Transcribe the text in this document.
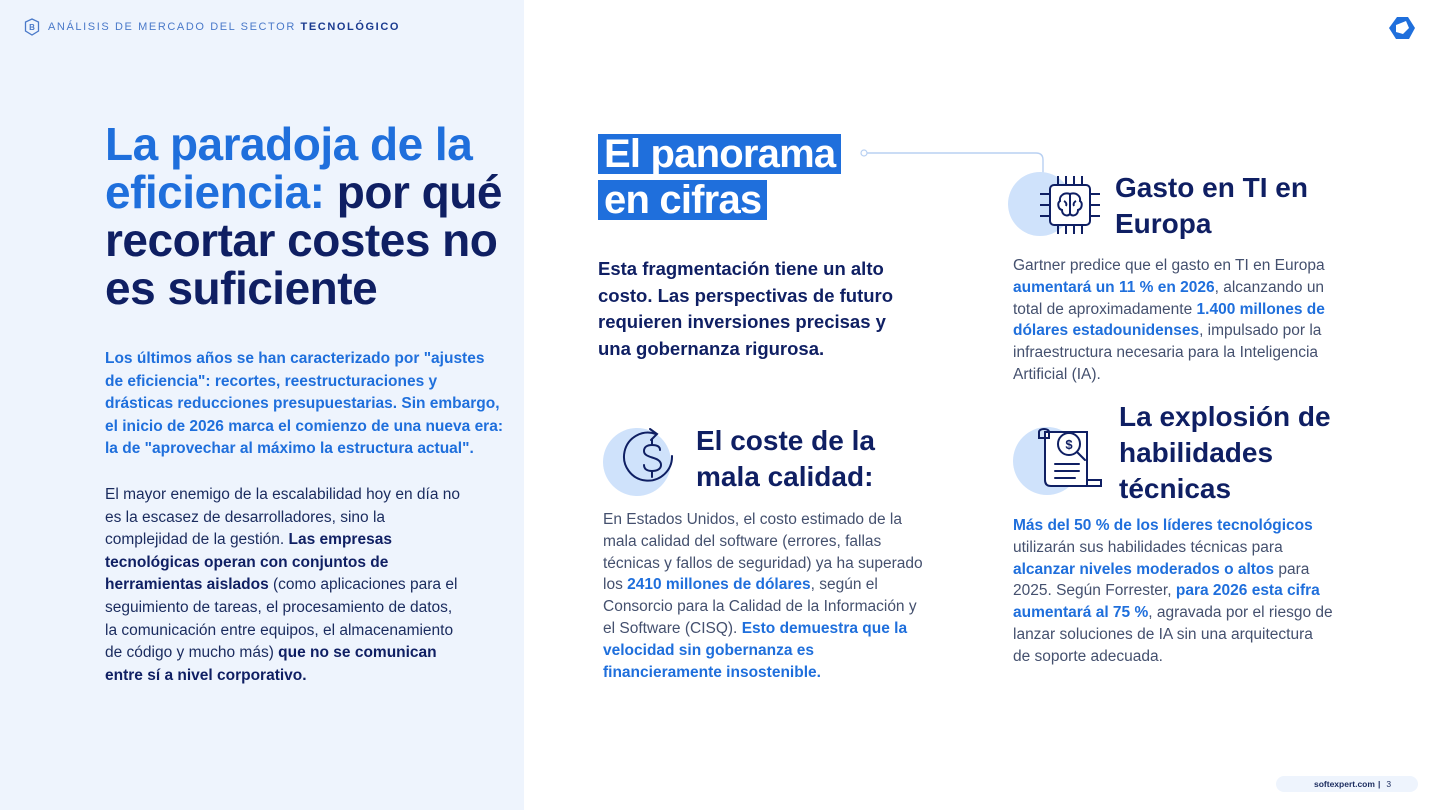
B ANÁLISIS DE MERCADO DEL SECTOR TECNOLÓGICO
La paradoja de la eficiencia: por qué recortar costes no es suficiente
Los últimos años se han caracterizado por "ajustes de eficiencia": recortes, reestructuraciones y drásticas reducciones presupuestarias. Sin embargo, el inicio de 2026 marca el comienzo de una nueva era: la de "aprovechar al máximo la estructura actual".
El mayor enemigo de la escalabilidad hoy en día no es la escasez de desarrolladores, sino la complejidad de la gestión. Las empresas tecnológicas operan con conjuntos de herramientas aislados (como aplicaciones para el seguimiento de tareas, el procesamiento de datos, la comunicación entre equipos, el almacenamiento de código y mucho más) que no se comunican entre sí a nivel corporativo.
El panorama
en cifras
Esta fragmentación tiene un alto costo. Las perspectivas de futuro requieren inversiones precisas y una gobernanza rigurosa.
Gasto en TI en Europa
Gartner predice que el gasto en TI en Europa aumentará un 11 % en 2026, alcanzando un total de aproximadamente 1.400 millones de dólares estadounidenses, impulsado por la infraestructura necesaria para la Inteligencia Artificial (IA).
El coste de la mala calidad:
En Estados Unidos, el costo estimado de la mala calidad del software (errores, fallas técnicas y fallos de seguridad) ya ha superado los 2410 millones de dólares, según el Consorcio para la Calidad de la Información y el Software (CISQ). Esto demuestra que la velocidad sin gobernanza es financieramente insostenible.
$
La explosión de habilidades técnicas
Más del 50 % de los líderes tecnológicos utilizarán sus habilidades técnicas para alcanzar niveles moderados o altos para 2025. Según Forrester, para 2026 esta cifra aumentará al 75 %, agravada por el riesgo de lanzar soluciones de IA sin una arquitectura de soporte adecuada.
softexpert.com | 3
